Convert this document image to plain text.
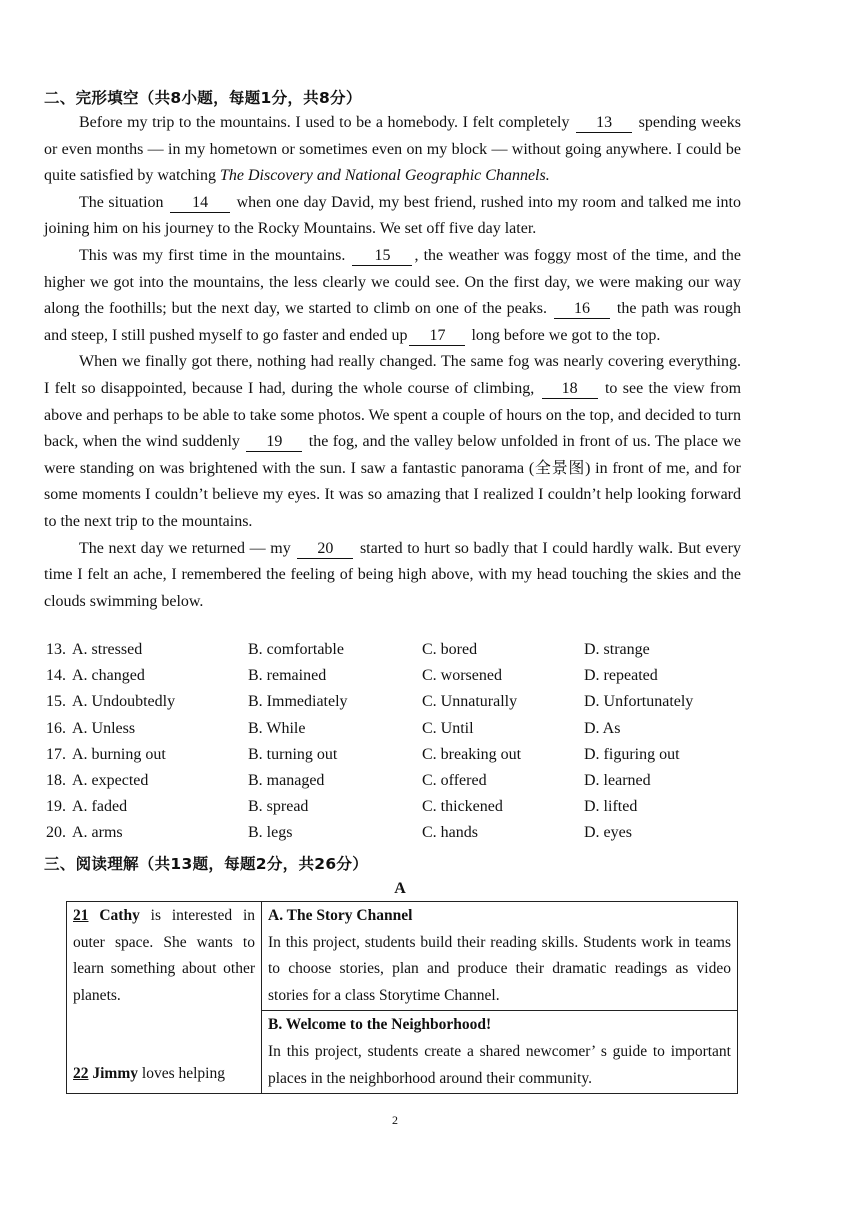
二、完形填空（共8小题，每题1分，共8分）

Before my trip to the mountains. I used to be a homebody. I felt completely 13 spending weeks or even months — in my hometown or sometimes even on my block — without going anywhere. I could be quite satisfied by watching The Discovery and National Geographic Channels.

The situation 14 when one day David, my best friend, rushed into my room and talked me into joining him on his journey to the Rocky Mountains. We set off five day later.

This was my first time in the mountains. 15 , the weather was foggy most of the time, and the higher we got into the mountains, the less clearly we could see. On the first day, we were making our way along the foothills; but the next day, we started to climb on one of the peaks. 16 the path was rough and steep, I still pushed myself to go faster and ended up 17 long before we got to the top.

When we finally got there, nothing had really changed. The same fog was nearly covering everything. I felt so disappointed, because I had, during the whole course of climbing, 18 to see the view from above and perhaps to be able to take some photos. We spent a couple of hours on the top, and decided to turn back, when the wind suddenly 19 the fog, and the valley below unfolded in front of us. The place we were standing on was brightened with the sun. I saw a fantastic panorama (全景图) in front of me, and for some moments I couldn’t believe my eyes. It was so amazing that I realized I couldn’t help looking forward to the next trip to the mountains.

The next day we returned — my 20 started to hurt so badly that I could hardly walk. But every time I felt an ache, I remembered the feeling of being high above, with my head touching the skies and the clouds swimming below.

13. A. stressed	B. comfortable	C. bored	D. strange
14. A. changed	B. remained	C. worsened	D. repeated
15. A. Undoubtedly	B. Immediately	C. Unnaturally	D. Unfortunately
16. A. Unless	B. While	C. Until	D. As
17. A. burning out	B. turning out	C. breaking out	D. figuring out
18. A. expected	B. managed	C. offered	D. learned
19. A. faded	B. spread	C. thickened	D. lifted
20. A. arms	B. legs	C. hands	D. eyes
三、阅读理解（共13题，每题2分，共26分）
A
21 Cathy is interested in outer space. She wants to learn something about other planets.
22 Jimmy loves helping

A. The Story Channel
In this project, students build their reading skills. Students work in teams to choose stories, plan and produce their dramatic readings as video stories for a class Storytime Channel.

B. Welcome to the Neighborhood!
In this project, students create a shared newcomer’ s guide to important places in the neighborhood around their community.
2
